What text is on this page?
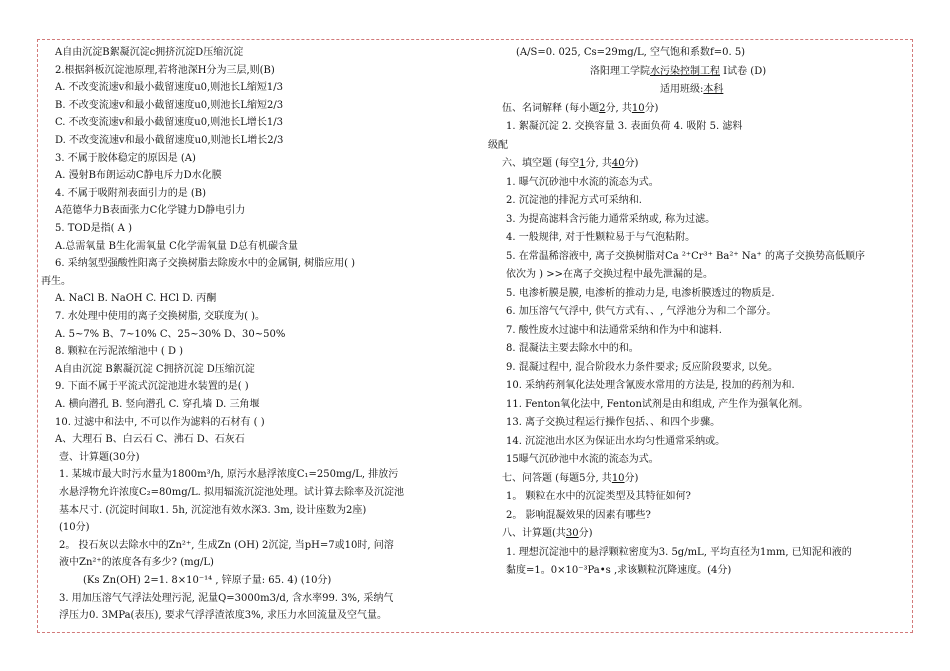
A自由沉淀B絮凝沉淀c拥挤沉淀D压缩沉淀
2.根据斜板沉淀池原理,若将池深H分为三层,则(B)
A. 不改变流速v和最小截留速度u0,则池长L缩短1/3
B. 不改变流速v和最小截留速度u0,则池长L缩短2/3
C. 不改变流速v和最小截留速度u0,则池长L增长1/3
D. 不改变流速v和最小截留速度u0,则池长L增长2/3
3. 不属于胶体稳定的原因是 (A)
A. 漫射B布朗运动C静电斥力D水化膜
4. 不属于吸附剂表面引力的是 (B)
A范德华力B表面张力C化学键力D静电引力
5. TOD是指( A )
A.总需氧量 B生化需氧量 C化学需氧量 D总有机碳含量
6. 采纳氢型强酸性阳离子交换树脂去除废水中的金属铜, 树脂应用( )
再生。
A. NaCl B. NaOH C. HCl D. 丙酮
7. 水处理中使用的离子交换树脂, 交联度为( )。
A. 5~7% B、7~10% C、25~30% D、30~50%
8. 颗粒在污泥浓缩池中 ( D )
A自由沉淀 B絮凝沉淀 C拥挤沉淀 D压缩沉淀
9. 下面不属于平流式沉淀池进水装置的是( )
A. 横向潜孔 B. 竖向潜孔 C. 穿孔墙 D. 三角堰
10. 过滤中和法中, 不可以作为滤料的石材有 ( )
A、大理石 B、白云石 C、沸石 D、石灰石
壹、计算题(30分)
1. 某城市最大时污水量为1800m³/h, 原污水悬浮浓度C₁=250mg/L, 排放污
水悬浮物允许浓度C₂=80mg/L. 拟用辐流沉淀池处理。试计算去除率及沉淀池
基本尺寸. (沉淀时间取1. 5h, 沉淀池有效水深3. 3m, 设计座数为2座)
(10分)
2。 投石灰以去除水中的Zn²⁺, 生成Zn (OH) 2沉淀, 当pH=7或10时, 问溶
液中Zn²⁺的浓度各有多少? (mg/L)
(Ks Zn(OH) 2=1. 8×10⁻¹⁴ , 锌原子量: 65. 4) (10分)
3. 用加压溶气气浮法处理污泥, 泥量Q=3000m3/d, 含水率99. 3%, 采纳气
浮压力0. 3MPa(表压), 要求气浮浮渣浓度3%, 求压力水回流量及空气量。
(A/S=0. 025, Cs=29mg/L, 空气饱和系数f=0. 5)
洛阳理工学院水污染控制工程 I试卷 (D)
适用班级:本科
伍、名词解释 (每小题2分, 共10分)
1. 絮凝沉淀 2. 交换容量 3. 表面负荷 4. 吸附 5. 滤料
级配
六、填空题 (每空1分, 共40分)
1. 曝气沉砂池中水流的流态为式。
2. 沉淀池的排泥方式可采纳和.
3. 为提高滤料含污能力通常采纳或, 称为过滤。
4. 一般规律, 对于性颗粒易于与气泡粘附。
5. 在常温稀溶液中, 离子交换树脂对Ca ²⁺Cr³⁺ Ba²⁺ Na⁺ 的离子交换势高低顺序
依次为 ) >>在离子交换过程中最先泄漏的是。
5. 电渗析膜是膜, 电渗析的推动力是, 电渗析膜透过的物质是.
6. 加压溶气气浮中, 供气方式有、、, 气浮池分为和二个部分。
7. 酸性废水过滤中和法通常采纳和作为中和滤料.
8. 混凝法主要去除水中的和。
9. 混凝过程中, 混合阶段水力条件要求; 反应阶段要求, 以免。
10. 采纳药剂氧化法处理含氰废水常用的方法是, 投加的药剂为和.
11. Fenton氧化法中, Fenton试剂是由和组成, 产生作为强氧化剂。
13. 离子交换过程运行操作包括、、和四个步骤。
14. 沉淀池出水区为保证出水均匀性通常采纳或。
15曝气沉砂池中水流的流态为式。
七、问答题 (每题5分, 共10分)
1。 颗粒在水中的沉淀类型及其特征如何?
2。 影响混凝效果的因素有哪些?
八、计算题(共30分)
1. 理想沉淀池中的悬浮颗粒密度为3. 5g/mL, 平均直径为1mm, 已知泥和液的
黏度=1。0×10⁻³Pa•s ,求该颗粒沉降速度。(4分)
